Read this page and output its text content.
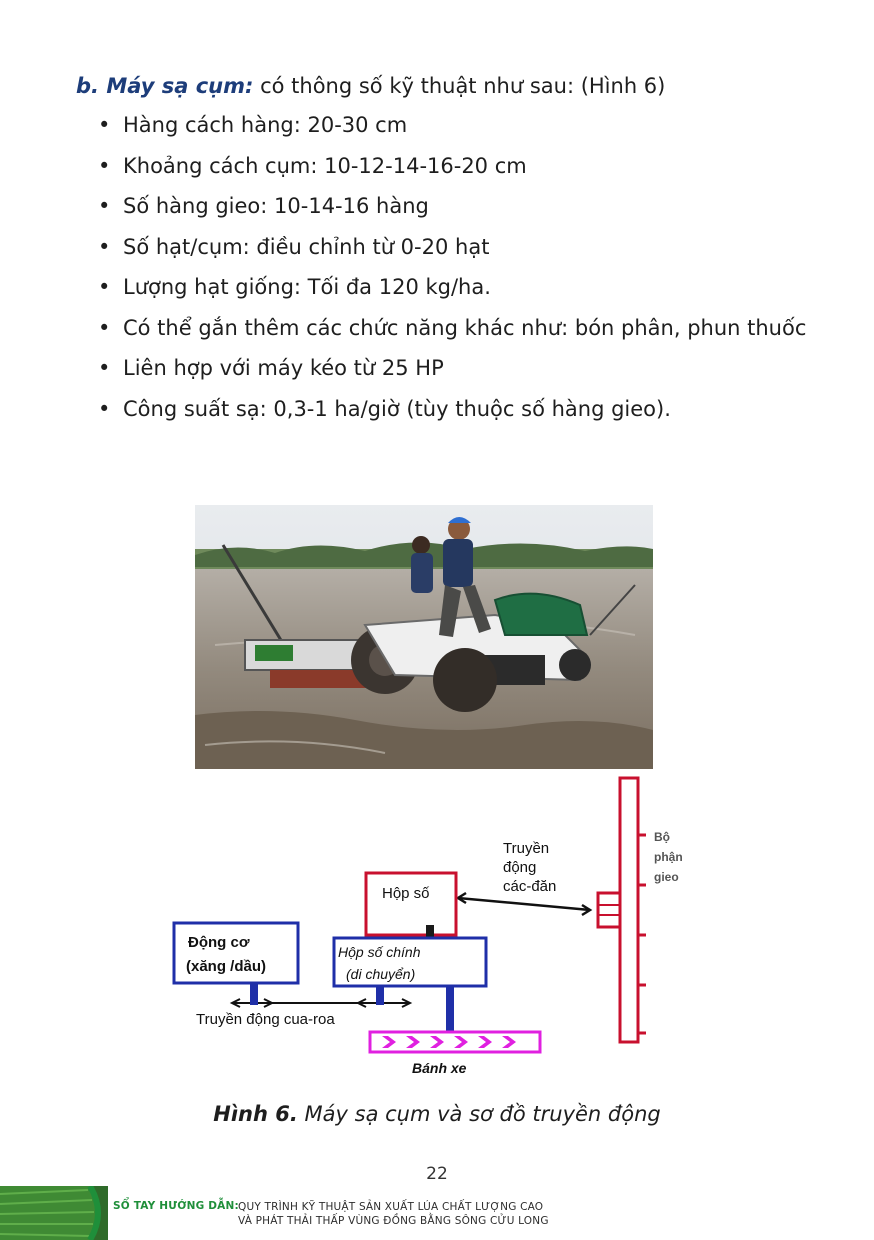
b. Máy sạ cụm: có thông số kỹ thuật như sau: (Hình 6)
• Hàng cách hàng: 20-30 cm
• Khoảng cách cụm: 10-12-14-16-20 cm
• Số hàng gieo: 10-14-16 hàng
• Số hạt/cụm: điều chỉnh từ 0-20 hạt
• Lượng hạt giống: Tối đa 120 kg/ha.
• Có thể gắn thêm các chức năng khác như: bón phân, phun thuốc
• Liên hợp với máy kéo từ 25 HP
• Công suất sạ: 0,3-1 ha/giờ (tùy thuộc số hàng gieo).
Động cơ
(xăng /dầu)
Hộp số
Hộp số chính
(di chuyển)
Truyền động cua-roa
Truyền
động
các-đăn
Bộ
phận
gieo
Bánh xe
Hình 6. Máy sạ cụm và sơ đồ truyền động
22
SỔ TAY HƯỚNG DẪN: QUY TRÌNH KỸ THUẬT SẢN XUẤT LÚA CHẤT LƯỢNG CAO
VÀ PHÁT THẢI THẤP VÙNG ĐỒNG BẰNG SÔNG CỬU LONG
